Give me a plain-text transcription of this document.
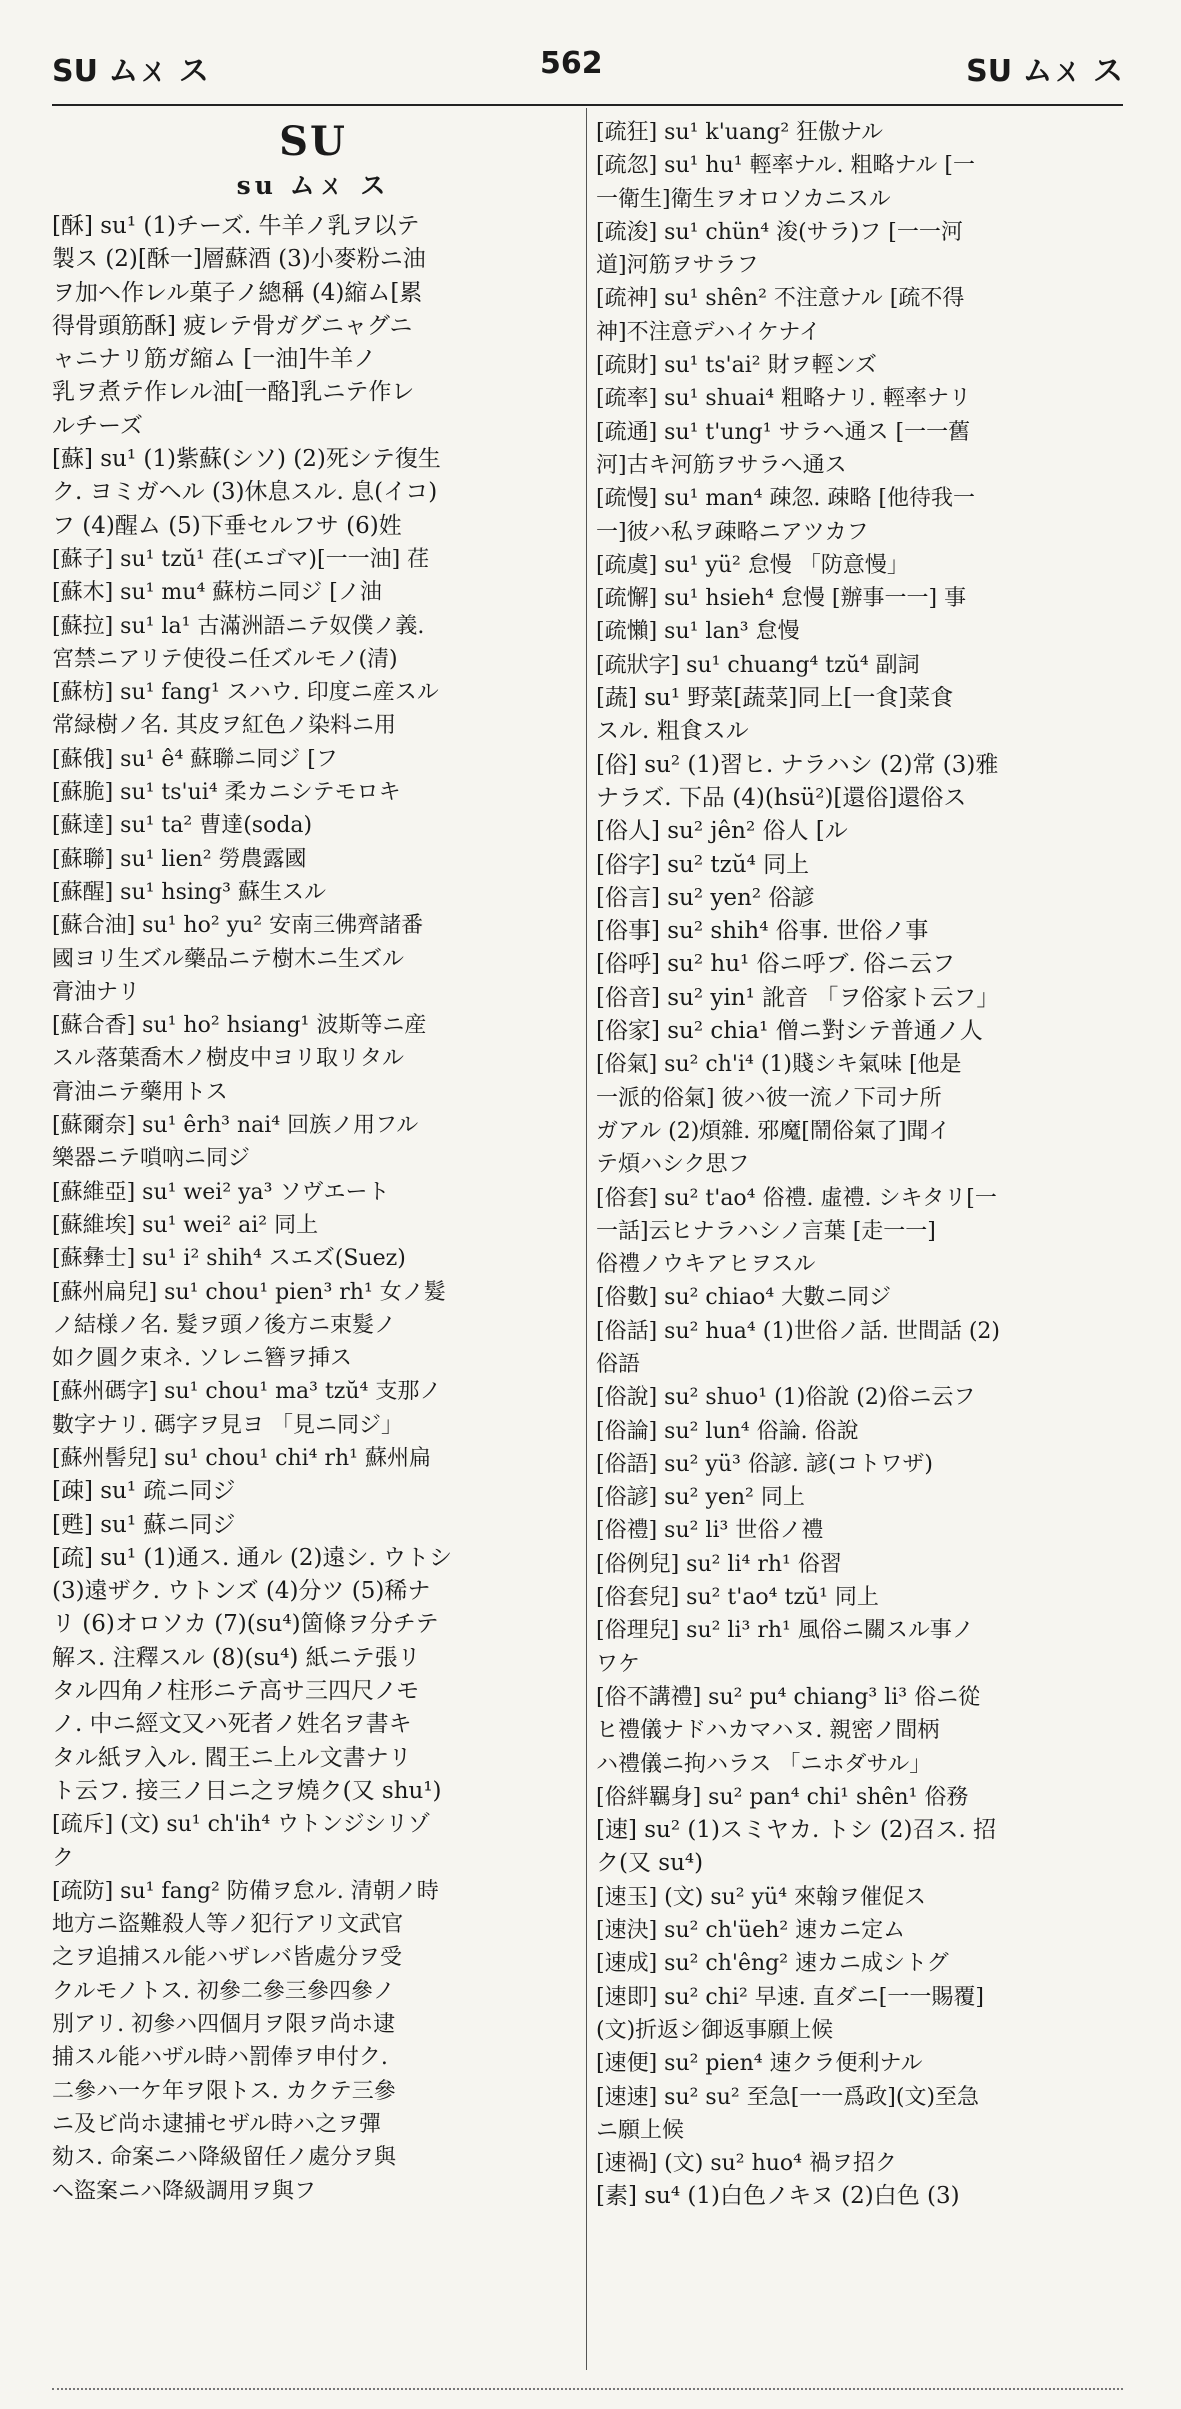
SU ムㄨ ス	562	SU ムㄨ ス
SU
su ムㄨ ス
[酥] su¹ (1)チーズ. 牛羊ノ乳ヲ以テ
製ス (2)[酥一]層蘇酒 (3)小麥粉ニ油
ヲ加ヘ作レル菓子ノ總稱 (4)縮ム[累
得骨頭筋酥] 疲レテ骨ガグニャグニ
ャニナリ筋ガ縮ム [一油]牛羊ノ
乳ヲ煮テ作レル油[一酪]乳ニテ作レ
ルチーズ
[蘇] su¹ (1)紫蘇(シソ) (2)死シテ復生
ク. ヨミガヘル (3)休息スル. 息(イコ)
フ (4)醒ム (5)下垂セルフサ (6)姓
[蘇子] su¹ tzŭ¹ 荏(エゴマ)[一一油] 荏
[蘇木] su¹ mu⁴ 蘇枋ニ同ジ [ノ油
[蘇拉] su¹ la¹ 古滿洲語ニテ奴僕ノ義.
宮禁ニアリテ使役ニ任ズルモノ(清)
[蘇枋] su¹ fang¹ スハウ. 印度ニ産スル
常緑樹ノ名. 其皮ヲ紅色ノ染料ニ用
[蘇俄] su¹ ê⁴ 蘇聯ニ同ジ [フ
[蘇脆] su¹ ts'ui⁴ 柔カニシテモロキ
[蘇達] su¹ ta² 曹達(soda)
[蘇聯] su¹ lien² 勞農露國
[蘇醒] su¹ hsing³ 蘇生スル
[蘇合油] su¹ ho² yu² 安南三佛齊諸番
國ヨリ生ズル藥品ニテ樹木ニ生ズル
膏油ナリ
[蘇合香] su¹ ho² hsiang¹ 波斯等ニ産
スル落葉喬木ノ樹皮中ヨリ取リタル
膏油ニテ藥用トス
[蘇爾奈] su¹ êrh³ nai⁴ 回族ノ用フル
樂器ニテ嗩吶ニ同ジ
[蘇維亞] su¹ wei² ya³ ソヴエート
[蘇維埃] su¹ wei² ai² 同上
[蘇彝士] su¹ i² shih⁴ スエズ(Suez)
[蘇州扁兒] su¹ chou¹ pien³ rh¹ 女ノ髮
ノ結様ノ名. 髮ヲ頭ノ後方ニ束髮ノ
如ク圓ク束ネ. ソレニ簪ヲ挿ス
[蘇州碼字] su¹ chou¹ ma³ tzŭ⁴ 支那ノ
數字ナリ. 碼字ヲ見ヨ 「見ニ同ジ」
[蘇州髻兒] su¹ chou¹ chi⁴ rh¹ 蘇州扁
[疎] su¹ 疏ニ同ジ
[甦] su¹ 蘇ニ同ジ
[疏] su¹ (1)通ス. 通ル (2)遠シ. ウトシ
(3)遠ザク. ウトンズ (4)分ツ (5)稀ナ
リ (6)オロソカ (7)(su⁴)箇條ヲ分チテ
解ス. 注釋スル (8)(su⁴) 紙ニテ張リ
タル四角ノ柱形ニテ高サ三四尺ノモ
ノ. 中ニ經文又ハ死者ノ姓名ヲ書キ
タル紙ヲ入ル. 閻王ニ上ル文書ナリ
ト云フ. 接三ノ日ニ之ヲ燒ク(又 shu¹)
[疏斥] (文) su¹ ch'ih⁴ ウトンジシリゾ
ク
[疏防] su¹ fang² 防備ヲ怠ル. 清朝ノ時
地方ニ盜難殺人等ノ犯行アリ文武官
之ヲ追捕スル能ハザレバ皆處分ヲ受
クルモノトス. 初參二參三參四參ノ
別アリ. 初參ハ四個月ヲ限ヲ尚ホ逮
捕スル能ハザル時ハ罰俸ヲ申付ク.
二參ハ一ケ年ヲ限トス. カクテ三參
ニ及ビ尚ホ逮捕セザル時ハ之ヲ彈
劾ス. 命案ニハ降級留任ノ處分ヲ與
ヘ盜案ニハ降級調用ヲ與フ
[疏狂] su¹ k'uang² 狂傲ナル
[疏忽] su¹ hu¹ 輕率ナル. 粗略ナル [一
一衛生]衛生ヲオロソカニスル
[疏浚] su¹ chün⁴ 浚(サラ)フ [一一河
道]河筋ヲサラフ
[疏神] su¹ shên² 不注意ナル [疏不得
神]不注意デハイケナイ
[疏財] su¹ ts'ai² 財ヲ輕ンズ
[疏率] su¹ shuai⁴ 粗略ナリ. 輕率ナリ
[疏通] su¹ t'ung¹ サラヘ通ス [一一舊
河]古キ河筋ヲサラヘ通ス
[疏慢] su¹ man⁴ 疎忽. 疎略 [他待我一
一]彼ハ私ヲ疎略ニアツカフ
[疏虞] su¹ yü² 怠慢 「防意慢」
[疏懈] su¹ hsieh⁴ 怠慢 [辦事一一] 事
[疏懶] su¹ lan³ 怠慢
[疏狀字] su¹ chuang⁴ tzŭ⁴ 副詞
[蔬] su¹ 野菜[蔬菜]同上[一食]菜食
スル. 粗食スル
[俗] su² (1)習ヒ. ナラハシ (2)常 (3)雅
ナラズ. 下品 (4)(hsü²)[還俗]還俗ス
[俗人] su² jên² 俗人 [ル
[俗字] su² tzŭ⁴ 同上
[俗言] su² yen² 俗諺
[俗事] su² shih⁴ 俗事. 世俗ノ事
[俗呼] su² hu¹ 俗ニ呼ブ. 俗ニ云フ
[俗音] su² yin¹ 訛音 「ヲ俗家ト云フ」
[俗家] su² chia¹ 僧ニ對シテ普通ノ人
[俗氣] su² ch'i⁴ (1)賤シキ氣味 [他是
一派的俗氣] 彼ハ彼一流ノ下司ナ所
ガアル (2)煩雜. 邪魔[鬧俗氣了]聞イ
テ煩ハシク思フ
[俗套] su² t'ao⁴ 俗禮. 虛禮. シキタリ[一
一話]云ヒナラハシノ言葉 [走一一]
俗禮ノウキアヒヲスル
[俗數] su² chiao⁴ 大數ニ同ジ
[俗話] su² hua⁴ (1)世俗ノ話. 世間話 (2)
俗語
[俗說] su² shuo¹ (1)俗說 (2)俗ニ云フ
[俗論] su² lun⁴ 俗論. 俗說
[俗語] su² yü³ 俗諺. 諺(コトワザ)
[俗諺] su² yen² 同上
[俗禮] su² li³ 世俗ノ禮
[俗例兒] su² li⁴ rh¹ 俗習
[俗套兒] su² t'ao⁴ tzŭ¹ 同上
[俗理兒] su² li³ rh¹ 風俗ニ關スル事ノ
ワケ
[俗不講禮] su² pu⁴ chiang³ li³ 俗ニ從
ヒ禮儀ナドハカマハヌ. 親密ノ間柄
ハ禮儀ニ拘ハラス 「ニホダサル」
[俗絆羈身] su² pan⁴ chi¹ shên¹ 俗務
[速] su² (1)スミヤカ. トシ (2)召ス. 招
ク(又 su⁴)
[速玉] (文) su² yü⁴ 來翰ヲ催促ス
[速決] su² ch'üeh² 速カニ定ム
[速成] su² ch'êng² 速カニ成シトグ
[速即] su² chi² 早速. 直ダニ[一一賜覆]
(文)折返シ御返事願上候
[速便] su² pien⁴ 速クラ便利ナル
[速速] su² su² 至急[一一爲政](文)至急
ニ願上候
[速禍] (文) su² huo⁴ 禍ヲ招ク
[素] su⁴ (1)白色ノキヌ (2)白色 (3)
